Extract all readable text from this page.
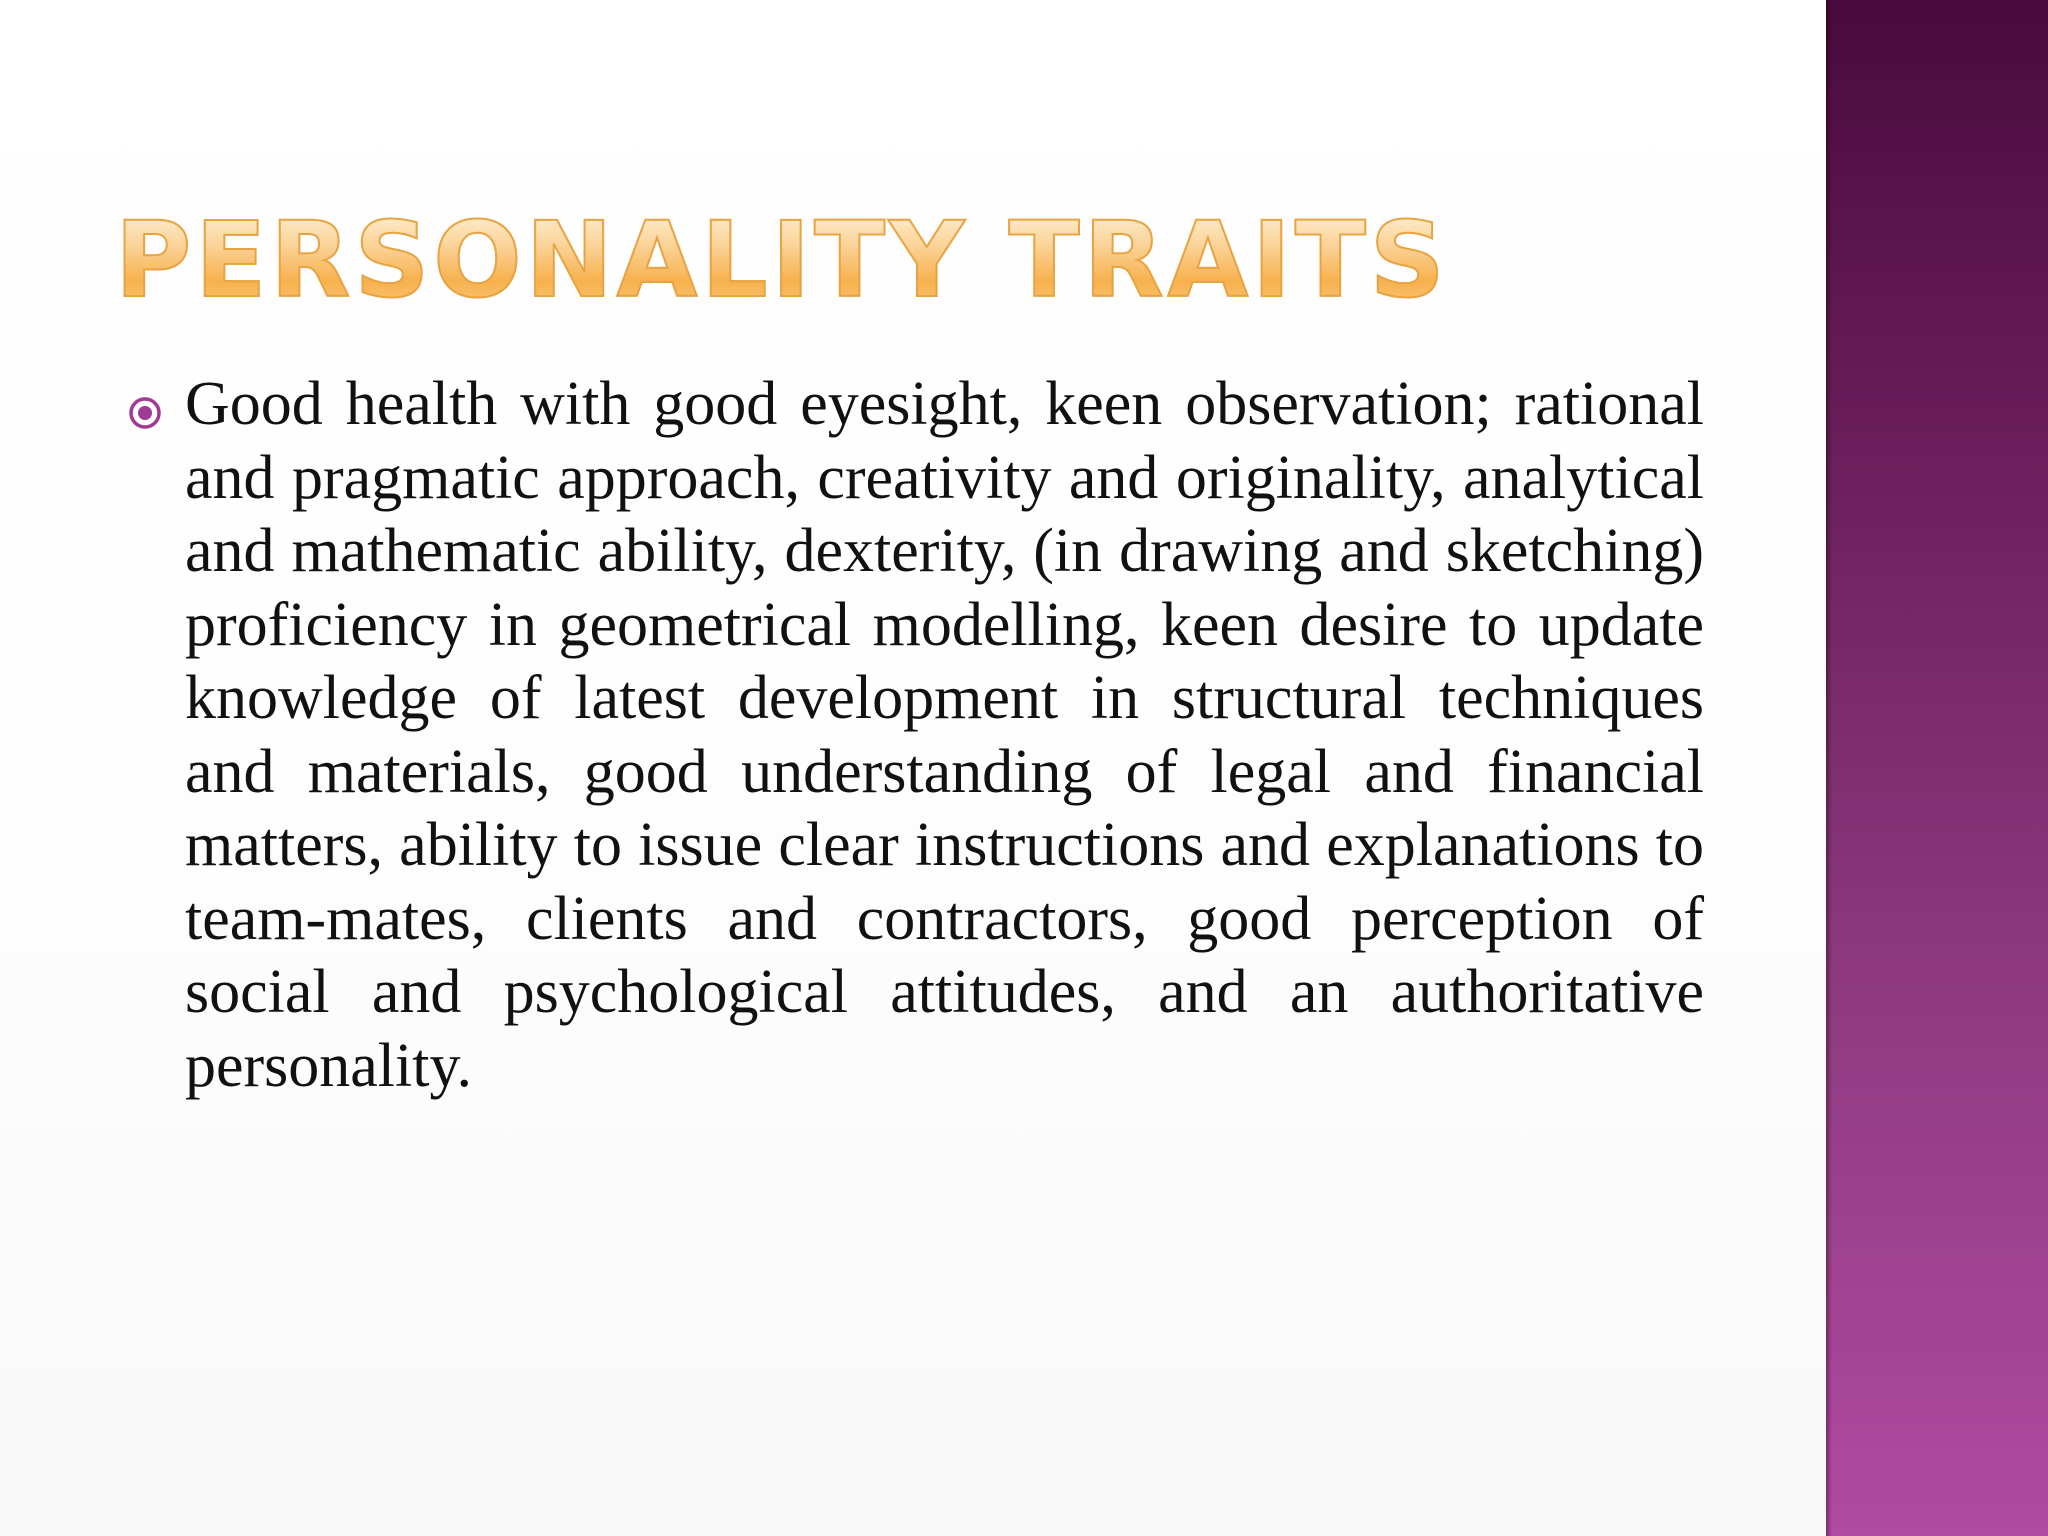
PERSONALITY TRAITS

Good health with good eyesight, keen observation; rational and pragmatic approach, creativity and originality, analytical and mathematic ability, dexterity, (in drawing and sketching) proficiency in geometrical modelling, keen desire to update knowledge of latest development in structural techniques and materials, good understanding of legal and financial matters, ability to issue clear instructions and explanations to team-mates, clients and contractors, good perception of social and psychological attitudes, and an authoritative personality.
